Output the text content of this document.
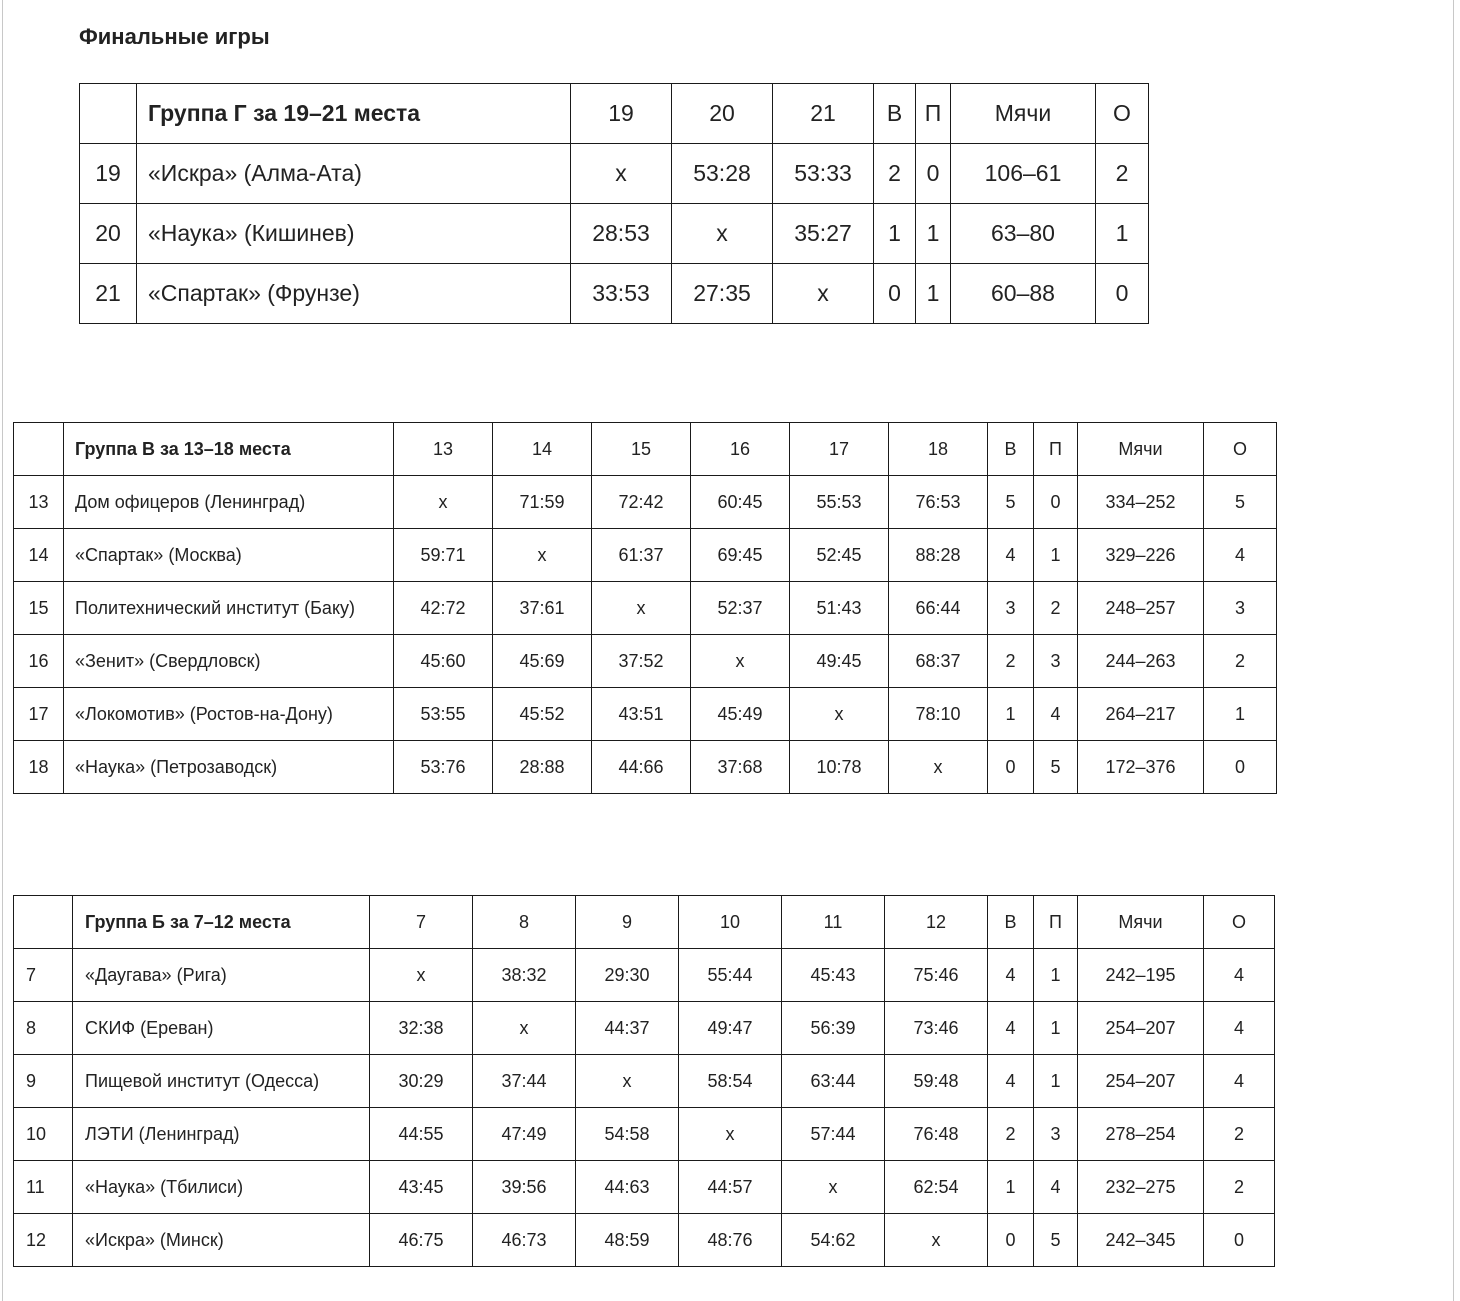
Финальные игры
	Группа Г за 19–21 места	19	20	21	В	П	Мячи	О
19	«Искра» (Алма-Ата)	х	53:28	53:33	2	0	106–61	2
20	«Наука» (Кишинев)	28:53	х	35:27	1	1	63–80	1
21	«Спартак» (Фрунзе)	33:53	27:35	х	0	1	60–88	0
	Группа В за 13–18 места	13	14	15	16	17	18	В	П	Мячи	О
13	Дом офицеров (Ленинград)	х	71:59	72:42	60:45	55:53	76:53	5	0	334–252	5
14	«Спартак» (Москва)	59:71	х	61:37	69:45	52:45	88:28	4	1	329–226	4
15	Политехнический институт (Баку)	42:72	37:61	х	52:37	51:43	66:44	3	2	248–257	3
16	«Зенит» (Свердловск)	45:60	45:69	37:52	х	49:45	68:37	2	3	244–263	2
17	«Локомотив» (Ростов-на-Дону)	53:55	45:52	43:51	45:49	х	78:10	1	4	264–217	1
18	«Наука» (Петрозаводск)	53:76	28:88	44:66	37:68	10:78	х	0	5	172–376	0
	Группа Б за 7–12 места	7	8	9	10	11	12	В	П	Мячи	О
7	«Даугава» (Рига)	х	38:32	29:30	55:44	45:43	75:46	4	1	242–195	4
8	СКИФ (Ереван)	32:38	х	44:37	49:47	56:39	73:46	4	1	254–207	4
9	Пищевой институт (Одесса)	30:29	37:44	х	58:54	63:44	59:48	4	1	254–207	4
10	ЛЭТИ (Ленинград)	44:55	47:49	54:58	х	57:44	76:48	2	3	278–254	2
11	«Наука» (Тбилиси)	43:45	39:56	44:63	44:57	х	62:54	1	4	232–275	2
12	«Искра» (Минск)	46:75	46:73	48:59	48:76	54:62	х	0	5	242–345	0
